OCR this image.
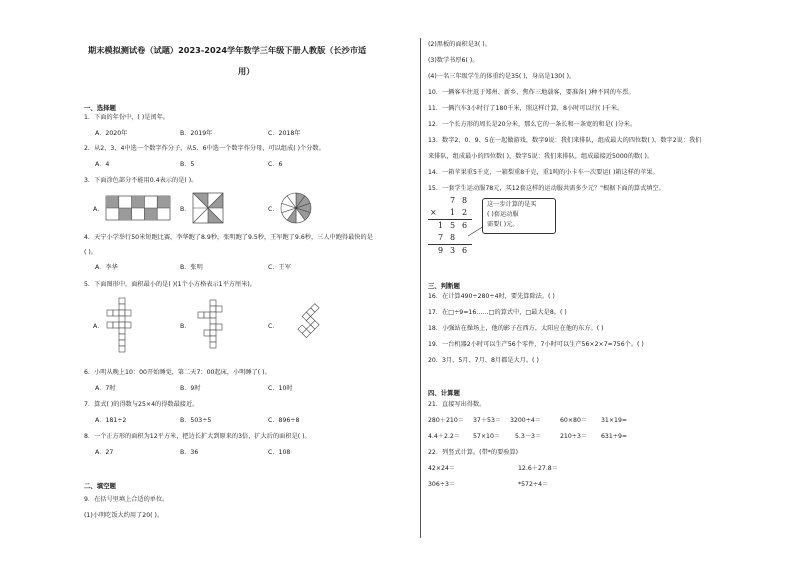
期末模拟测试卷（试题）2023-2024学年数学三年级下册人教版（长沙市适
用）
一、选择题
1．下面的年份中，( )是闰年。
A．2020年	B．2019年	C．2018年
2．从2、3、4中选一个数字作分子，从5、6中选一个数字作分母，可以组成( )个分数。
A．4	B．5	C．6
3．下面涂色部分不能用0.4表示的是( )。
A．	B．	C．
4．天宁小学举行50米短跑比赛，李华跑了8.9秒，张明跑了9.5秒，王军跑了9.6秒，三人中跑得最快的是
( )。
A．李华	B．张明	C．王军
5．下面图形中，面积最小的是( )(1个小方格表示1平方厘米)。
A．	B．	C．
6．小明从晚上10：00开始睡觉，第二天7：00起床，小明睡了( )。
A．7时	B．9时	C．10时
7．算式( )的得数与25×4的得数最接近。
A．181÷2	B．503÷5	C．896÷8
8．一个正方形的面积为12平方米，把边长扩大到原来的3倍，扩大后的面积是( )。
A．27	B．36	C．108
二、填空题
9．在括号里填上合适的单位。
(1)小明吃饭大约用了20( )。
(2)黑板的面积是3( )。
(3)数学书厚6( )。
(4)一名三年级学生的体重约是35( )，身高是130( )。
10．一辆客车往返于郑州、新乡、焦作三地载客，要准备( )种不同的车票。
11．一辆汽车3小时行了180千米，照这样计算，8小时可以行( )千米。
12．一个长方形的周长是20分米，那么它的一条长和一条宽的和是( )分米。
13．数字2、0、9、5在一起做游戏，数字9说：我们来排队，组成最大的四位数( )，数字2说：我们
来排队，组成最小的四位数( )，数字5说：我们来排队，组成最接近5000的数( )。
14．一箱苹果重5千克，一箱梨重8千克，重1吨的小卡车一次要运( )箱这样的苹果。
15．一套学生运动服78元，买12套这样的运动服共需多少元？"根据下面的算式填空。
7 8
× 1 2
1 5 6
7 8
9 3 6
这一步计算的是买
( )套运动服
需要( )元。
三、判断题
16．在计算490÷280÷4时，要先算除法。( )
17．在□÷9=16……□的算式中，□最大是8。( )
18．小强站在操场上，他的影子在西方，太阳应在他的东方。( )
19．一台机器2小时可以生产56个零件，7小时可以生产56×2×7=756个。( )
20．3月、5月、7月、8月都是大月。( )
四、计算题
21．直接写出得数。
280＋210＝ 37＋53＝ 3200÷4＝	60×80＝ 31×19≈
4.4＋2.2＝ 57×10＝ 5.3－3＝	210÷3＝ 631÷9≈
22．列竖式计算。(带*的要验算)
42×24＝	12.6＋27.8＝
306÷3＝	*572÷4＝
